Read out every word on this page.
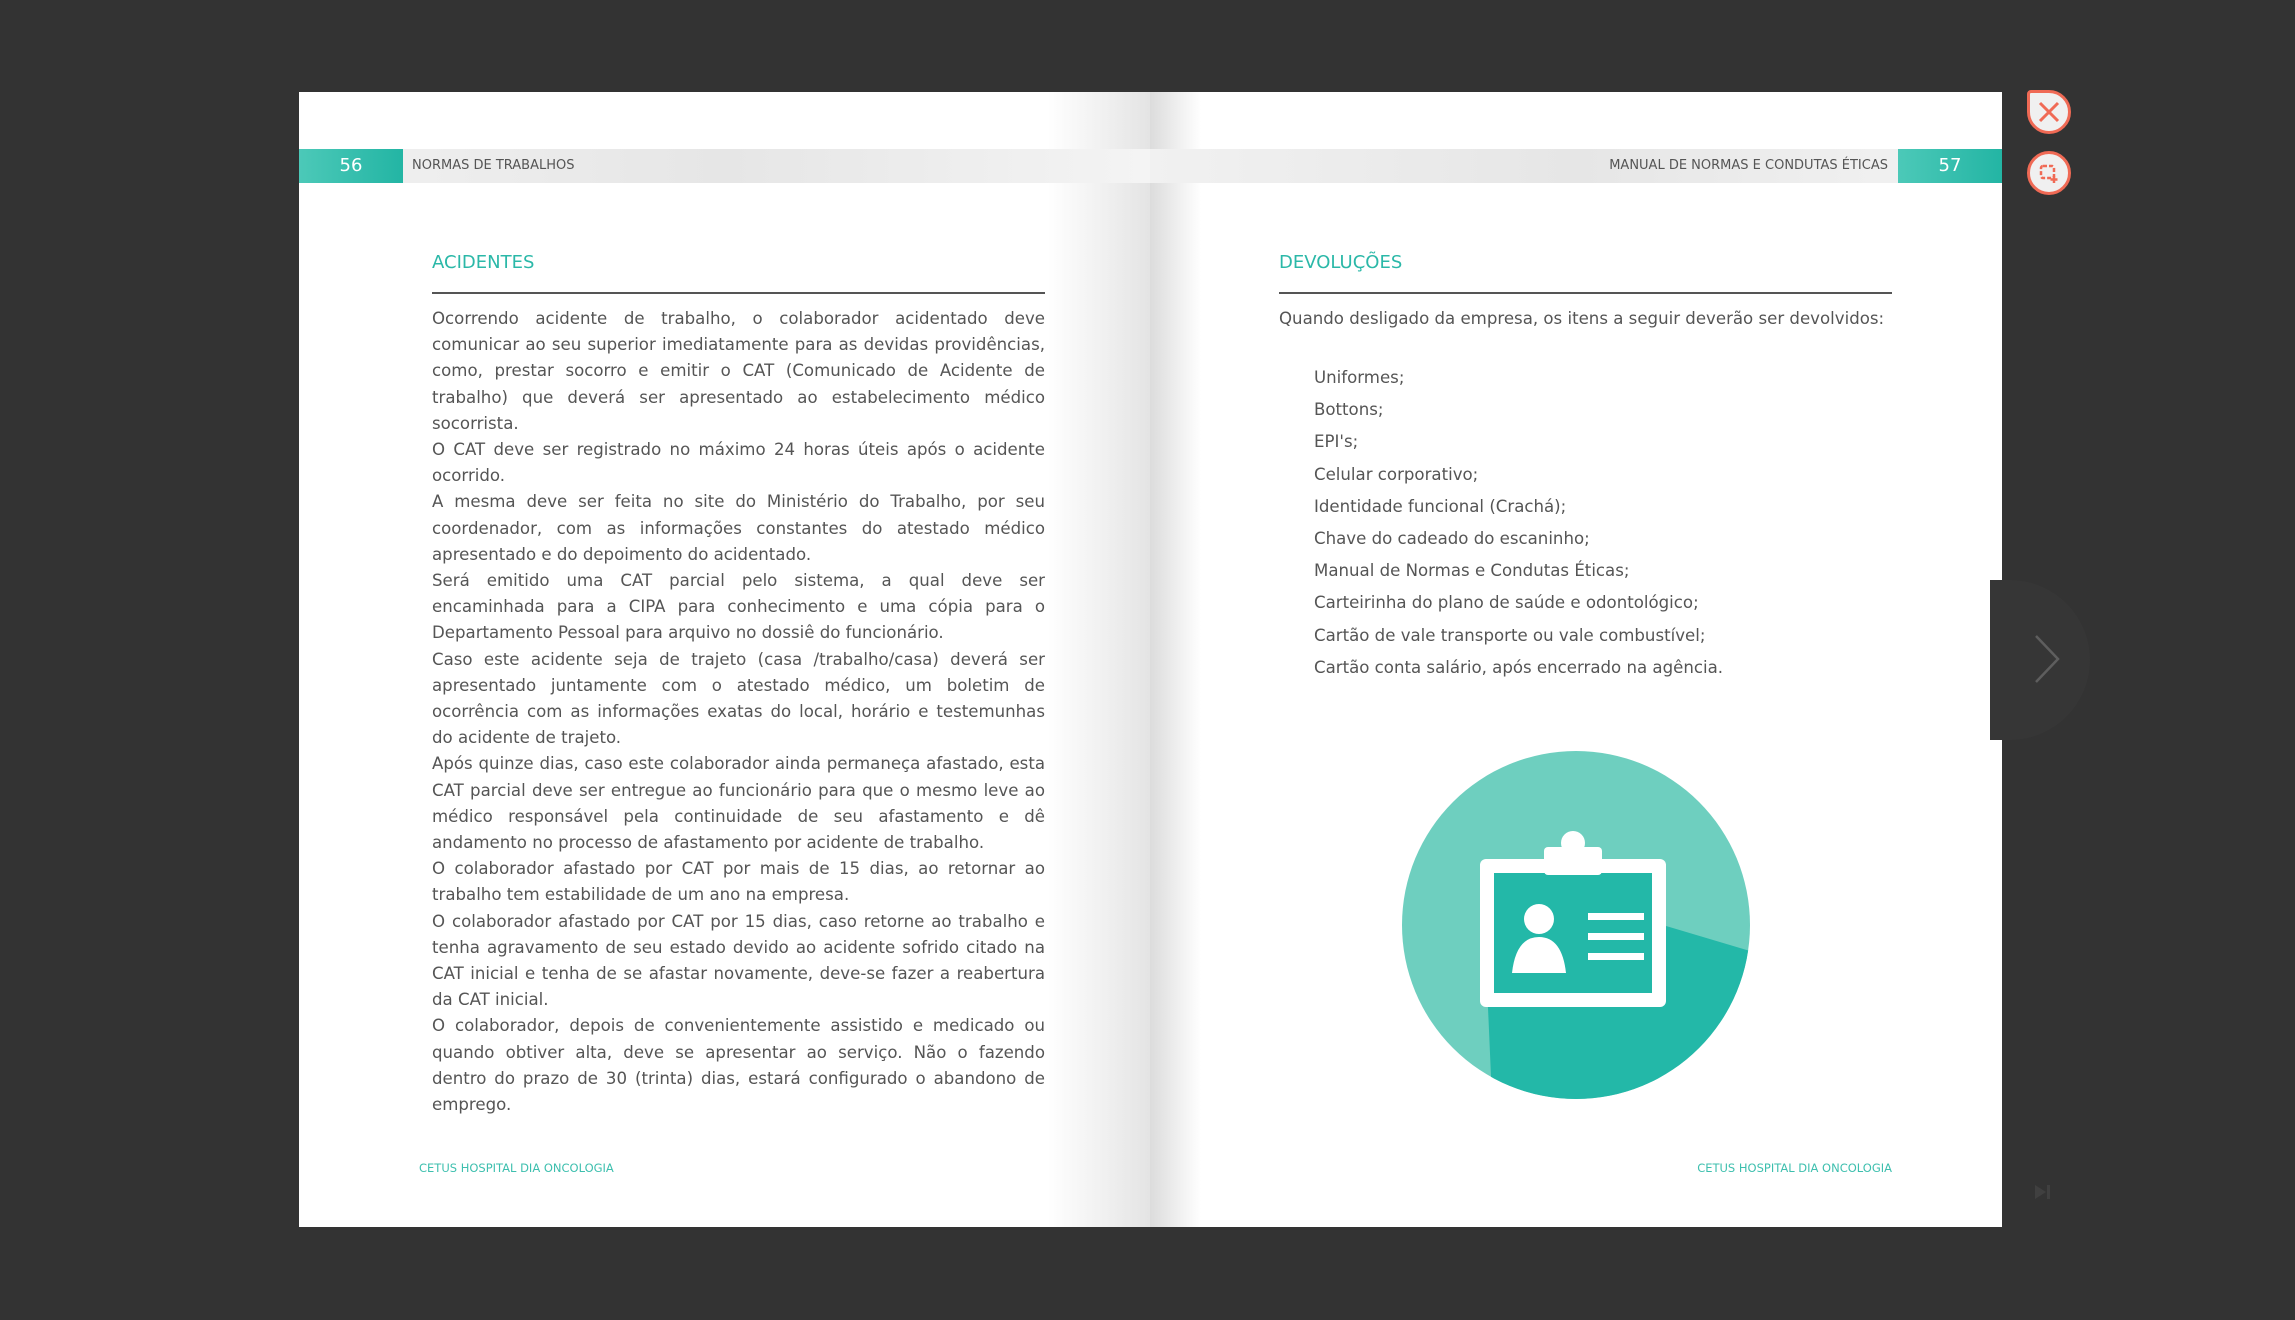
56	NORMAS DE TRABALHOS
ACIDENTES

Ocorrendo acidente de trabalho, o colaborador acidentado deve comunicar ao seu superior imediatamente para as devidas providências, como, prestar socorro e emitir o CAT (Comunicado de Acidente de trabalho) que deverá ser apresentado ao estabelecimento médico socorrista.

O CAT deve ser registrado no máximo 24 horas úteis após o acidente ocorrido.

A mesma deve ser feita no site do Ministério do Trabalho, por seu coordenador, com as informações constantes do atestado médico apresentado e do depoimento do acidentado.

Será emitido uma CAT parcial pelo sistema, a qual deve ser encaminhada para a CIPA para conhecimento e uma cópia para o Departamento Pessoal para arquivo no dossiê do funcionário.

Caso este acidente seja de trajeto (casa /trabalho/casa) deverá ser apresentado juntamente com o atestado médico, um boletim de ocorrência com as informações exatas do local, horário e testemunhas do acidente de trajeto.

Após quinze dias, caso este colaborador ainda permaneça afastado, esta CAT parcial deve ser entregue ao funcionário para que o mesmo leve ao médico responsável pela continuidade de seu afastamento e dê andamento no processo de afastamento por acidente de trabalho.

O colaborador afastado por CAT por mais de 15 dias, ao retornar ao trabalho tem estabilidade de um ano na empresa.

O colaborador afastado por CAT por 15 dias, caso retorne ao trabalho e tenha agravamento de seu estado devido ao acidente sofrido citado na CAT inicial e tenha de se afastar novamente, deve-se fazer a reabertura da CAT inicial.

O colaborador, depois de convenientemente assistido e medicado ou quando obtiver alta, deve se apresentar ao serviço. Não o fazendo dentro do prazo de 30 (trinta) dias, estará configurado o abandono de emprego.

CETUS HOSPITAL DIA ONCOLOGIA
MANUAL DE NORMAS E CONDUTAS ÉTICAS	57
DEVOLUÇÕES
Quando desligado da empresa, os itens a seguir deverão ser devolvidos:
Uniformes;
Bottons;
EPI's;
Celular corporativo;
Identidade funcional (Crachá);
Chave do cadeado do escaninho;
Manual de Normas e Condutas Éticas;
Carteirinha do plano de saúde e odontológico;
Cartão de vale transporte ou vale combustível;
Cartão conta salário, após encerrado na agência.
CETUS HOSPITAL DIA ONCOLOGIA
